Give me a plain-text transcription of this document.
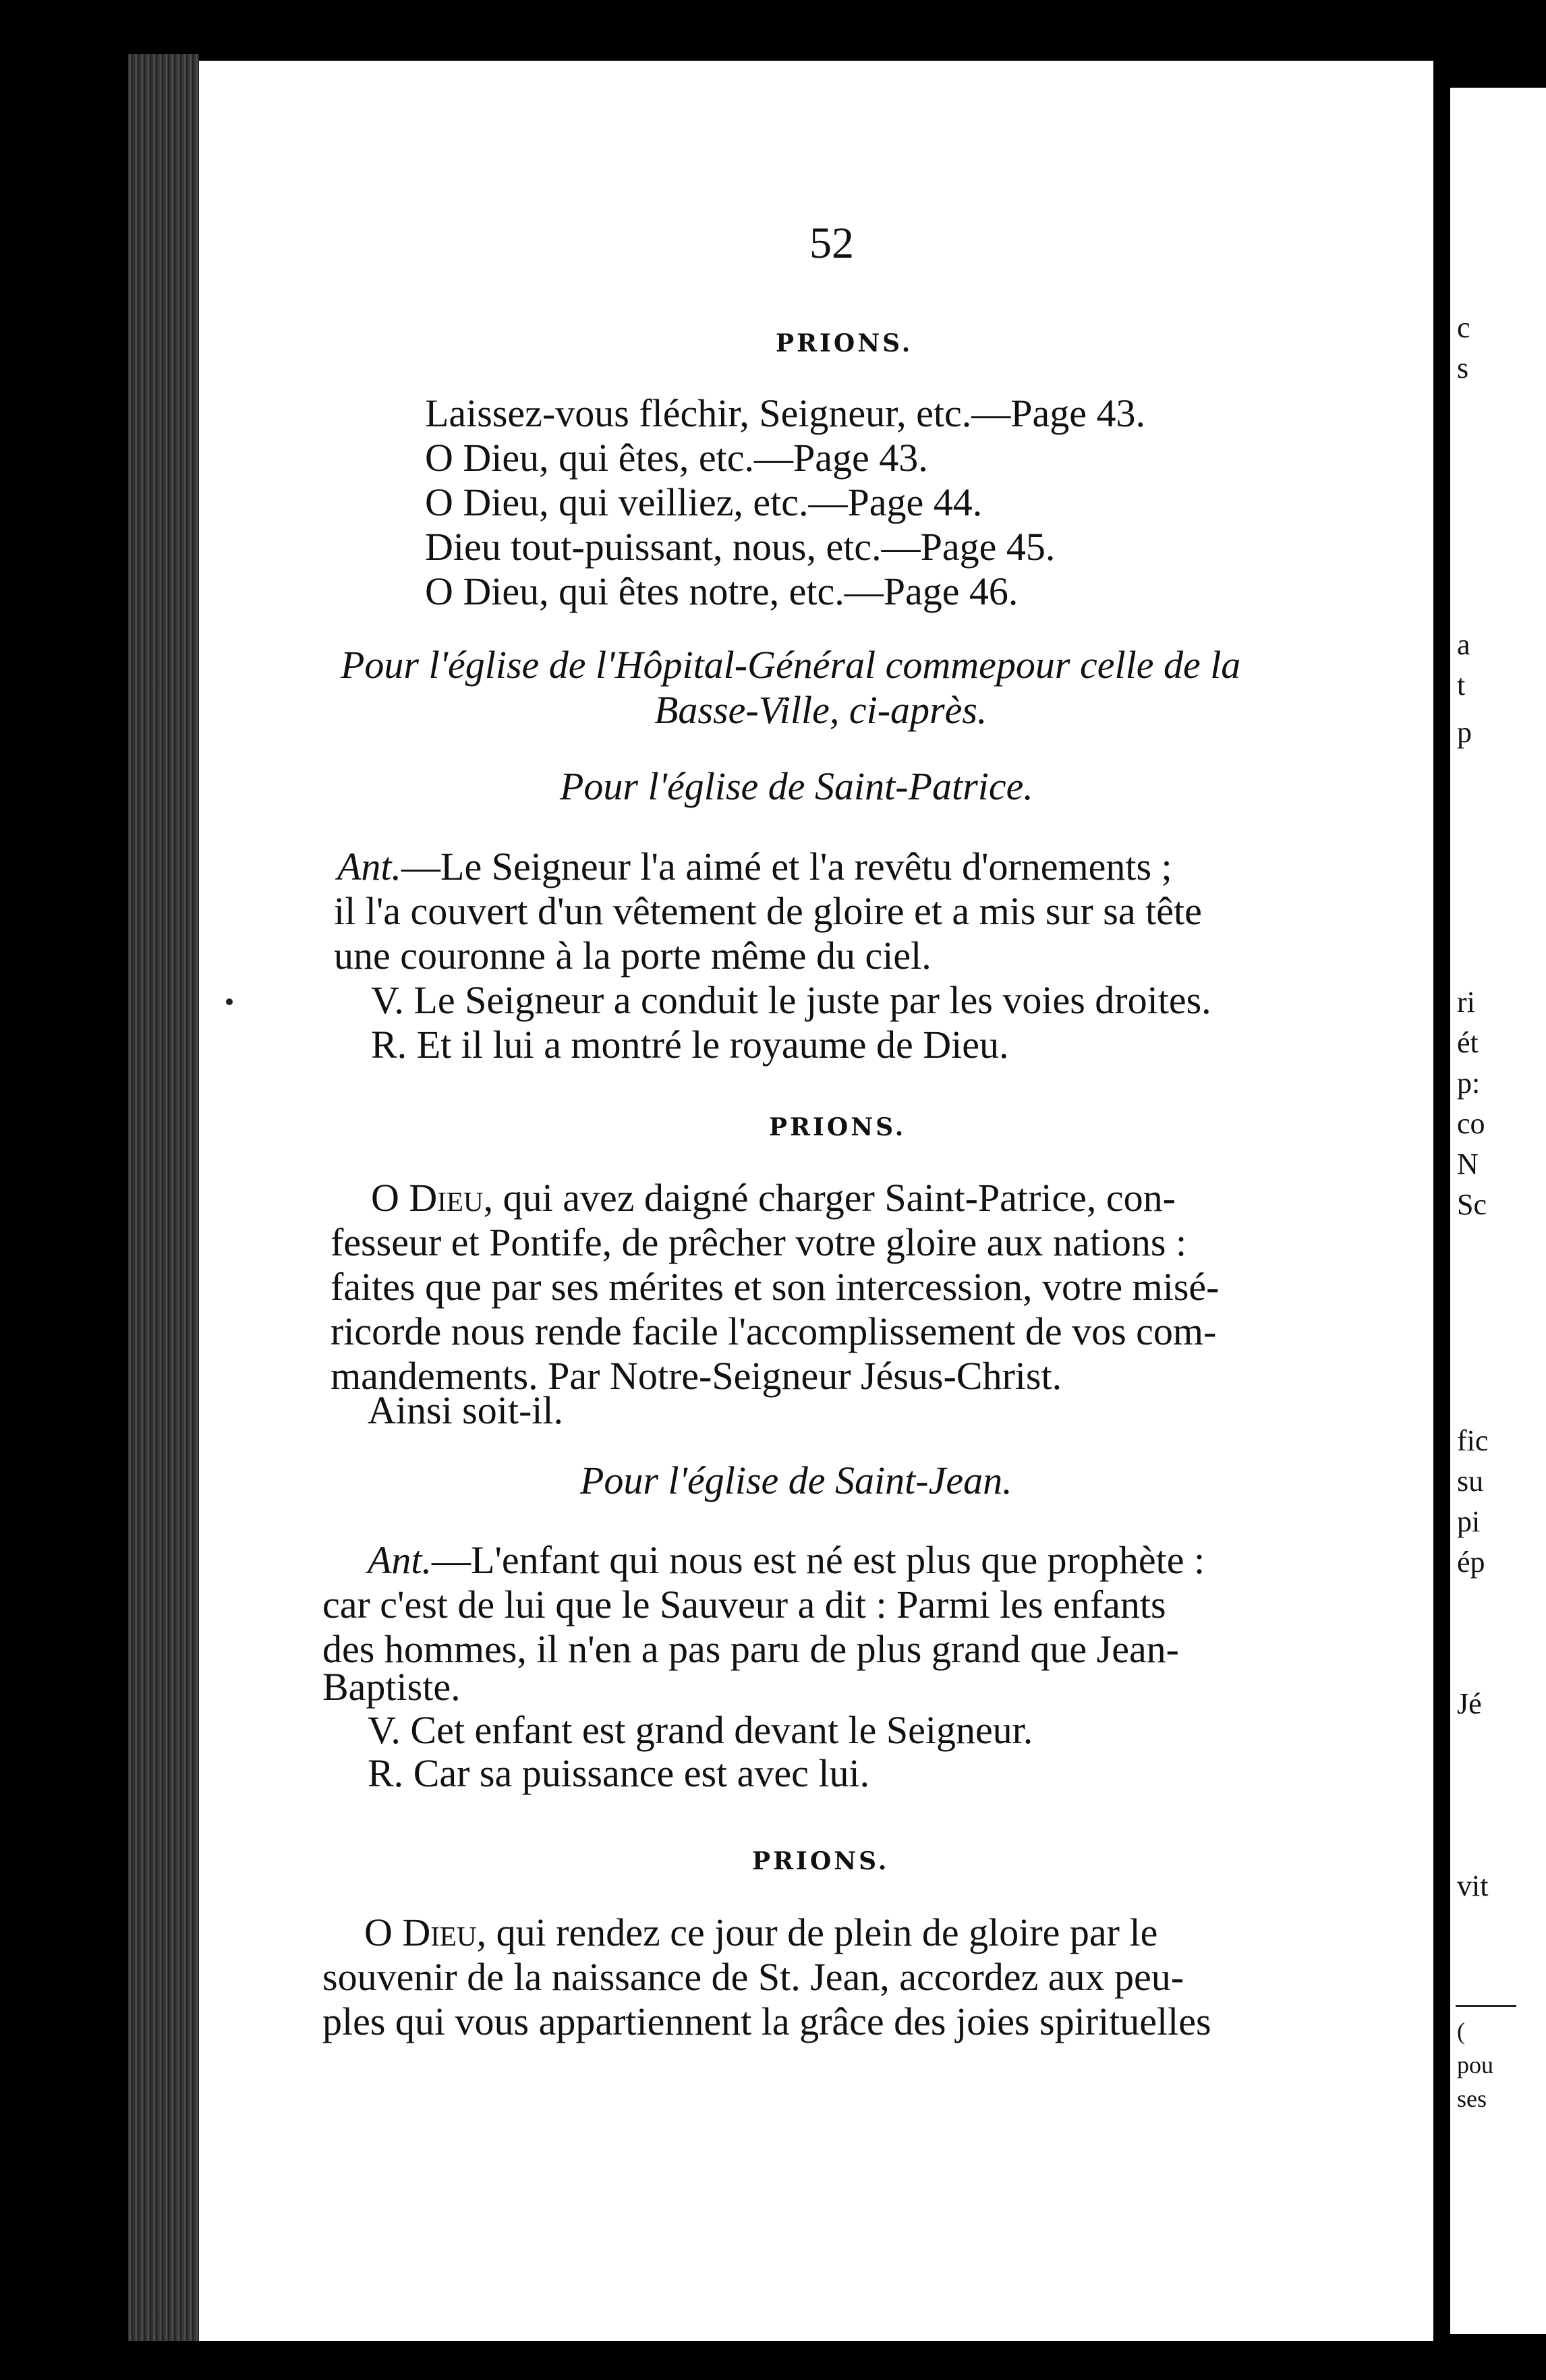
c
s
a
t
p
ri
ét
p:
co
N
Sc
fic
su
pi
ép
Jé
vit
(
pou
ses
52
PRIONS.
Laissez-vous fléchir, Seigneur, etc.—Page 43.
O Dieu, qui êtes, etc.—Page 43.
O Dieu, qui veilliez, etc.—Page 44.
Dieu tout-puissant, nous, etc.—Page 45.
O Dieu, qui êtes notre, etc.—Page 46.
Pour l'église de l'Hôpital-Général commepour celle de la
Basse-Ville, ci-après.
Pour l'église de Saint-Patrice.
Ant.—Le Seigneur l'a aimé et l'a revêtu d'ornements ;
il l'a couvert d'un vêtement de gloire et a mis sur sa tête
une couronne à la porte même du ciel.
V. Le Seigneur a conduit le juste par les voies droites.
R. Et il lui a montré le royaume de Dieu.
PRIONS.
O Dieu, qui avez daigné charger Saint-Patrice, con-
fesseur et Pontife, de prêcher votre gloire aux nations :
faites que par ses mérites et son intercession, votre misé-
ricorde nous rende facile l'accomplissement de vos com-
mandements. Par Notre-Seigneur Jésus-Christ.
Ainsi soit-il.
Pour l'église de Saint-Jean.
Ant.—L'enfant qui nous est né est plus que prophète :
car c'est de lui que le Sauveur a dit : Parmi les enfants
des hommes, il n'en a pas paru de plus grand que Jean-
Baptiste.
V. Cet enfant est grand devant le Seigneur.
R. Car sa puissance est avec lui.
PRIONS.
O Dieu, qui rendez ce jour de plein de gloire par le
souvenir de la naissance de St. Jean, accordez aux peu-
ples qui vous appartiennent la grâce des joies spirituelles
